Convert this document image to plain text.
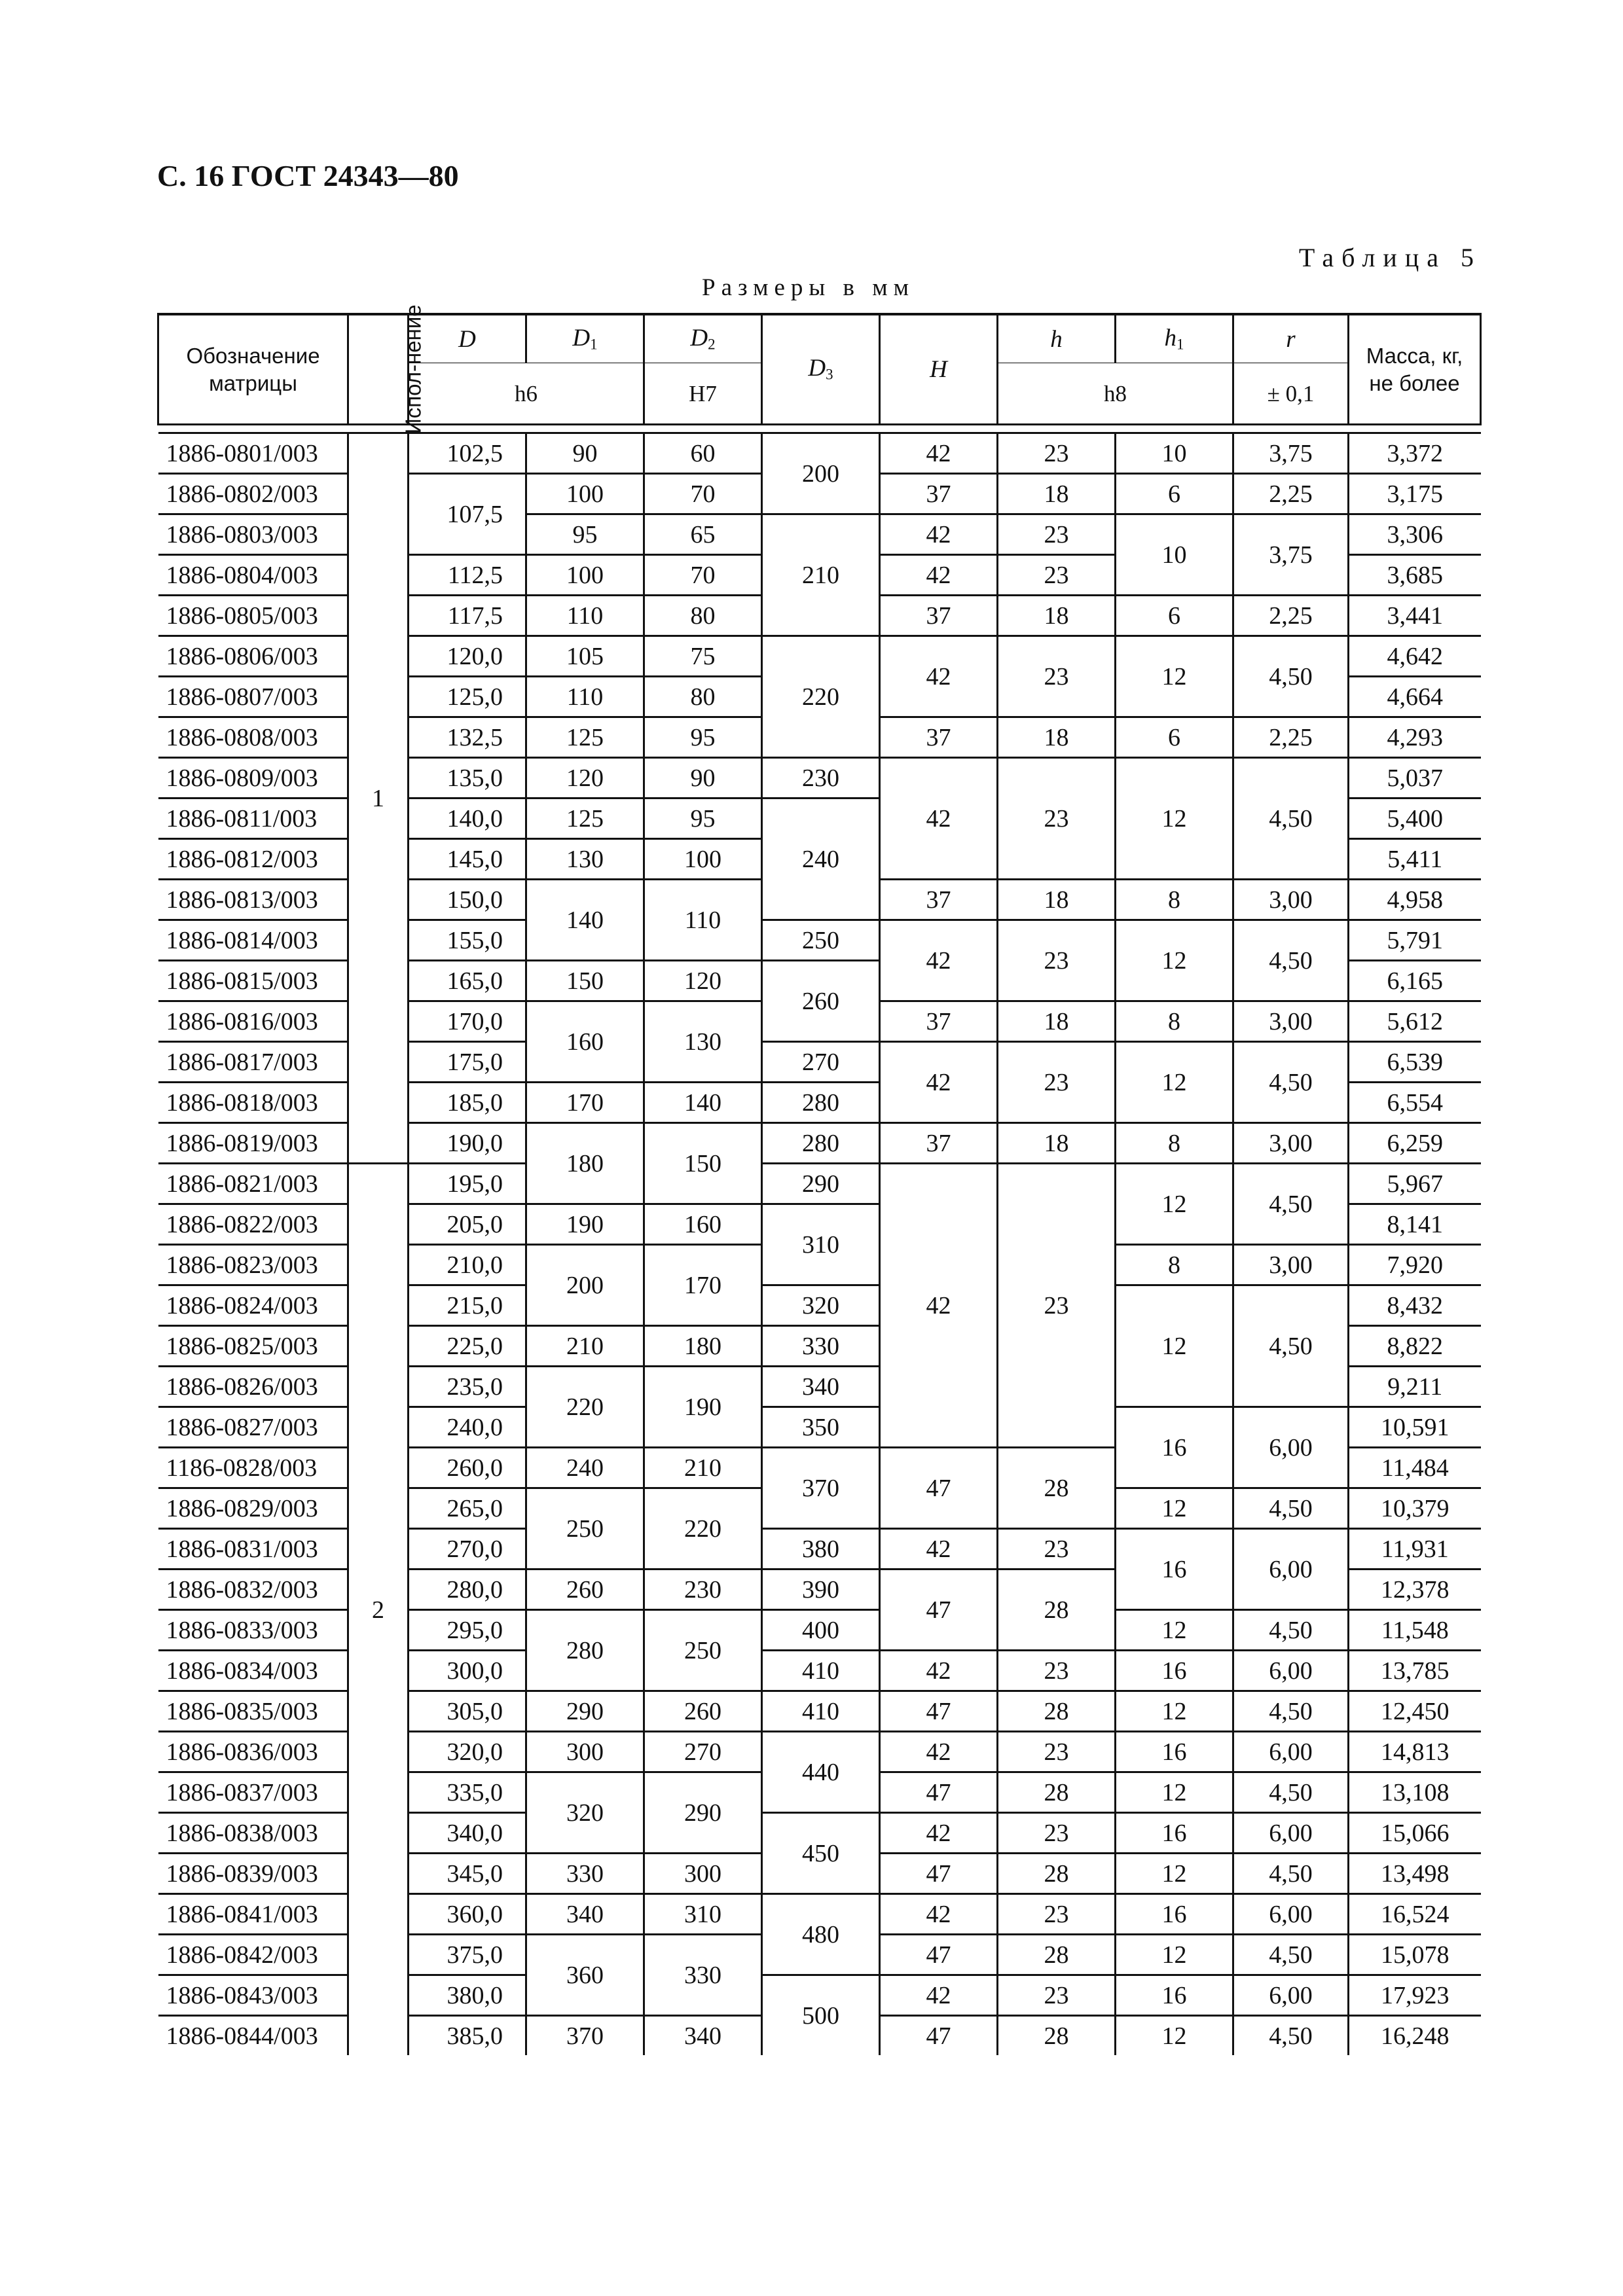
С. 16 ГОСТ 24343—80
Таблица 5
Размеры в мм
Обозначение матрицы	Испол-нение	D	$D_1$	$D_2$	$D_3$	H	h	$h_1$	r	Масса, кг, не более
		h6		H7			h8		± 0,1	

1886-0801/003	1	102,5	90	60	200	42	23	10	3,75	3,372
1886-0802/003		107,5	100	70		37	18	6	2,25	3,175
1886-0803/003			95	65	210	42	23	10	3,75	3,306
1886-0804/003		112,5	100	70		42	23			3,685
1886-0805/003		117,5	110	80		37	18	6	2,25	3,441
1886-0806/003		120,0	105	75	220	42	23	12	4,50	4,642
1886-0807/003		125,0	110	80						4,664
1886-0808/003		132,5	125	95		37	18	6	2,25	4,293
1886-0809/003		135,0	120	90	230	42	23	12	4,50	5,037
1886-0811/003		140,0	125	95	240					5,400
1886-0812/003		145,0	130	100						5,411
1886-0813/003		150,0	140	110		37	18	8	3,00	4,958
1886-0814/003		155,0			250	42	23	12	4,50	5,791
1886-0815/003		165,0	150	120	260					6,165
1886-0816/003		170,0	160	130		37	18	8	3,00	5,612
1886-0817/003		175,0			270	42	23	12	4,50	6,539
1886-0818/003		185,0	170	140	280					6,554
1886-0819/003		190,0	180	150	280	37	18	8	3,00	6,259
1886-0821/003	2	195,0			290	42	23	12	4,50	5,967
1886-0822/003		205,0	190	160	310					8,141
1886-0823/003		210,0	200	170				8	3,00	7,920
1886-0824/003		215,0			320			12	4,50	8,432
1886-0825/003		225,0	210	180	330					8,822
1886-0826/003		235,0	220	190	340					9,211
1886-0827/003		240,0			350			16	6,00	10,591
1186-0828/003		260,0	240	210	370	47	28			11,484
1886-0829/003		265,0	250	220				12	4,50	10,379
1886-0831/003		270,0			380	42	23	16	6,00	11,931
1886-0832/003		280,0	260	230	390	47	28			12,378
1886-0833/003		295,0	280	250	400			12	4,50	11,548
1886-0834/003		300,0			410	42	23	16	6,00	13,785
1886-0835/003		305,0	290	260	410	47	28	12	4,50	12,450
1886-0836/003		320,0	300	270	440	42	23	16	6,00	14,813
1886-0837/003		335,0	320	290		47	28	12	4,50	13,108
1886-0838/003		340,0			450	42	23	16	6,00	15,066
1886-0839/003		345,0	330	300		47	28	12	4,50	13,498
1886-0841/003		360,0	340	310	480	42	23	16	6,00	16,524
1886-0842/003		375,0	360	330		47	28	12	4,50	15,078
1886-0843/003		380,0			500	42	23	16	6,00	17,923
1886-0844/003		385,0	370	340		47	28	12	4,50	16,248
